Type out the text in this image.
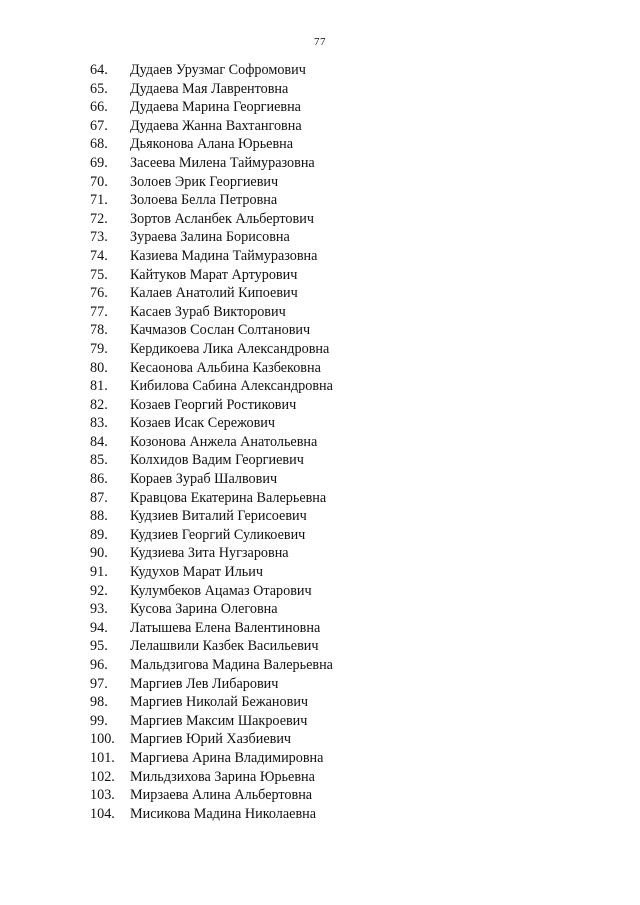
77
64.	Дудаев Урузмаг Софромович
65.	Дудаева Мая Лаврентовна
66.	Дудаева Марина Георгиевна
67.	Дудаева Жанна Вахтанговна
68.	Дьяконова Алана Юрьевна
69.	Засеева Милена Таймуразовна
70.	Золоев Эрик Георгиевич
71.	Золоева Белла Петровна
72.	Зортов Асланбек Альбертович
73.	Зураева Залина Борисовна
74.	Казиева Мадина Таймуразовна
75.	Кайтуков Марат Артурович
76.	Калаев Анатолий Кипоевич
77.	Касаев Зураб Викторович
78.	Качмазов Сослан Солтанович
79.	Кердикоева Лика Александровна
80.	Кесаонова Альбина Казбековна
81.	Кибилова Сабина Александровна
82.	Козаев Георгий Ростикович
83.	Козаев Исак Сережович
84.	Козонова Анжела Анатольевна
85.	Колхидов Вадим Георгиевич
86.	Кораев Зураб Шалвович
87.	Кравцова Екатерина Валерьевна
88.	Кудзиев Виталий Герисоевич
89.	Кудзиев Георгий Суликоевич
90.	Кудзиева Зита Нугзаровна
91.	Кудухов Марат Ильич
92.	Кулумбеков Ацамаз Отарович
93.	Кусова Зарина Олеговна
94.	Латышева Елена Валентиновна
95.	Лелашвили Казбек Васильевич
96.	Мальдзигова Мадина Валерьевна
97.	Маргиев Лев Либарович
98.	Маргиев Николай Бежанович
99.	Маргиев Максим Шакроевич
100.	Маргиев Юрий Хазбиевич
101.	Маргиева Арина Владимировна
102.	Мильдзихова Зарина Юрьевна
103.	Мирзаева Алина Альбертовна
104.	Мисикова Мадина Николаевна
